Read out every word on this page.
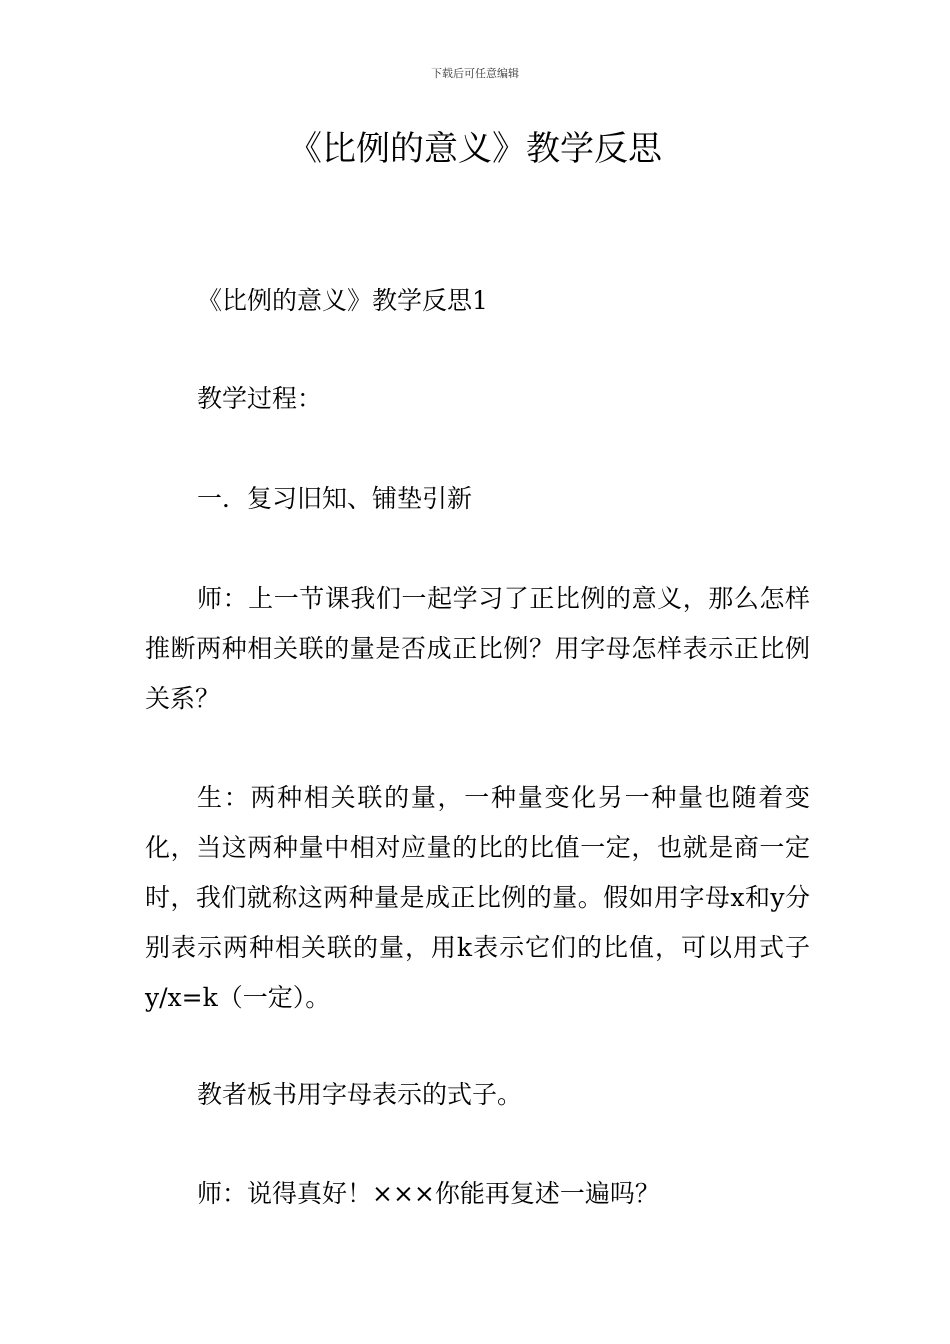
下载后可任意编辑
《比例的意义》教学反思

《比例的意义》教学反思1

教学过程：

一．复习旧知、铺垫引新

师：上一节课我们一起学习了正比例的意义，那么怎样推断两种相关联的量是否成正比例？用字母怎样表示正比例关系？

生：两种相关联的量，一种量变化另一种量也随着变化，当这两种量中相对应量的比的比值一定，也就是商一定时，我们就称这两种量是成正比例的量。假如用字母x和y分别表示两种相关联的量，用k表示它们的比值，可以用式子y/x=k（一定）。

教者板书用字母表示的式子。

师：说得真好！×××你能再复述一遍吗？
